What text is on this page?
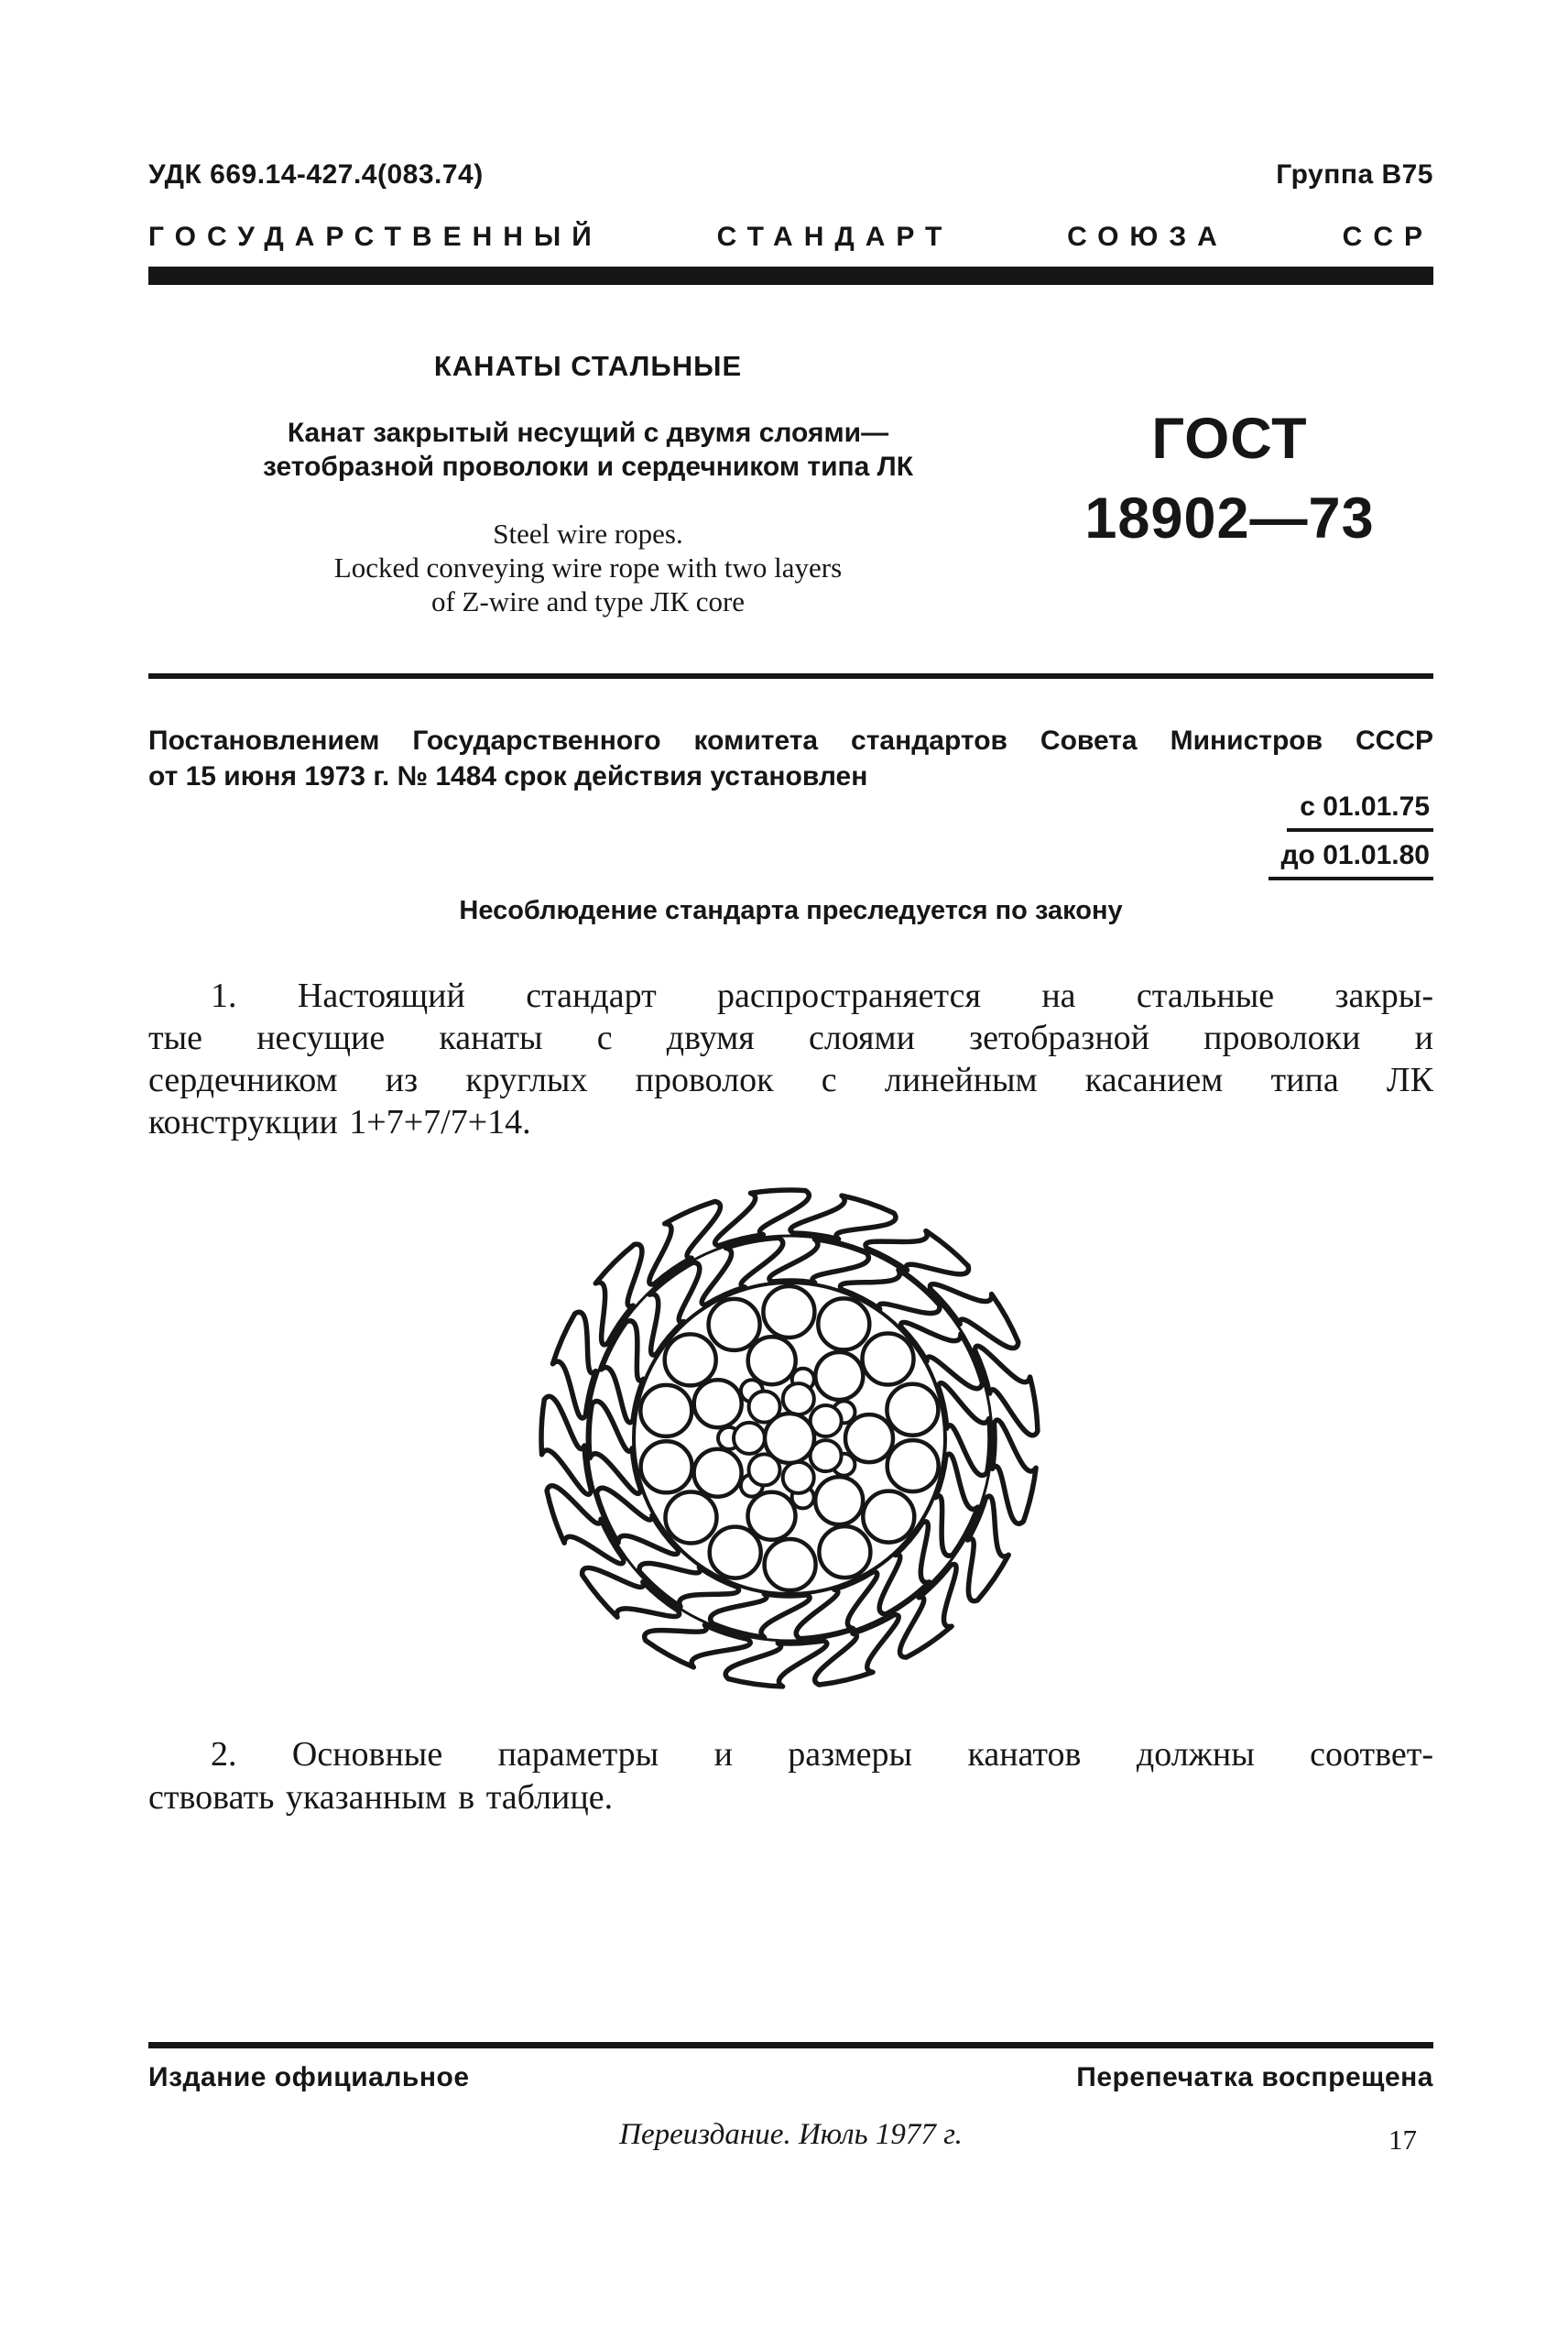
УДК 669.14-427.4(083.74)	Группа В75
ГОСУДАРСТВЕННЫЙ СТАНДАРТ СОЮЗА ССР
КАНАТЫ СТАЛЬНЫЕ
Канат закрытый несущий с двумя слоями—
зетобразной проволоки и сердечником типа ЛК
Steel wire ropes.
Locked conveying wire rope with two layers
of Z-wire and type ЛК core
ГОСТ
18902—73
Постановлением Государственного комитета стандартов Совета Министров СССР
от 15 июня 1973 г. № 1484 срок действия установлен
с 01.01.75
до 01.01.80
Несоблюдение стандарта преследуется по закону
1. Настоящий стандарт распространяется на стальные закры-
тые несущие канаты с двумя слоями зетобразной проволоки и
сердечником из круглых проволок с линейным касанием типа ЛК
конструкции 1+7+7/7+14.
2. Основные параметры и размеры канатов должны соответ-
ствовать указанным в таблице.
Издание официальное	Перепечатка воспрещена
Переиздание. Июль 1977 г.	17
